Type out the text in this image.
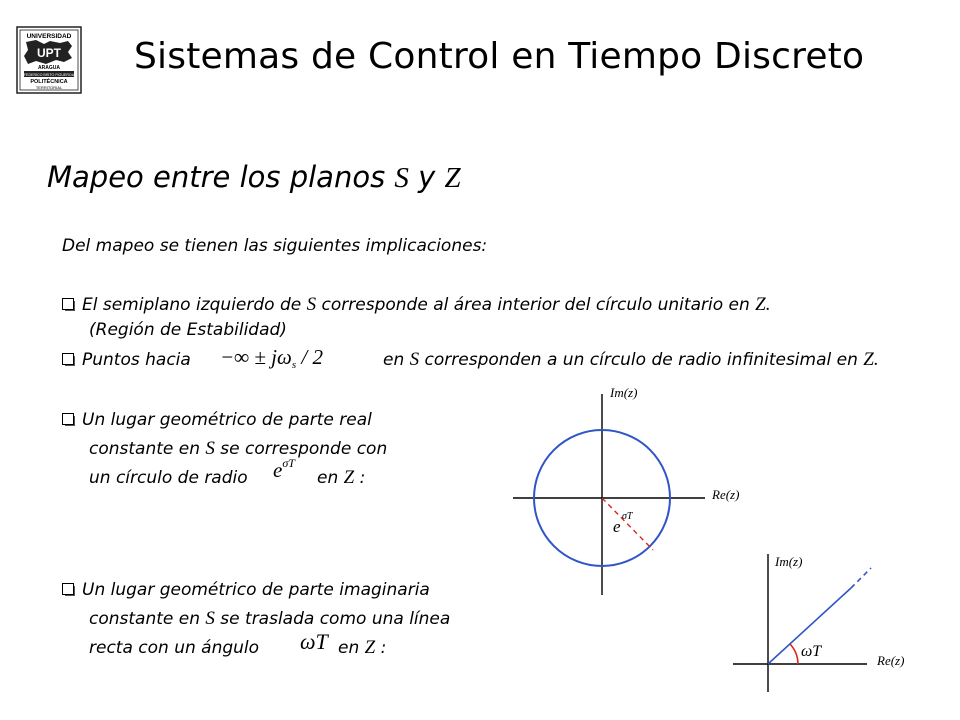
UNIVERSIDAD
UPT
ARAGUA
FEDERICO BRITO FIGUEROA
POLITÉCNICA
TERRITORIAL
Sistemas de Control en Tiempo Discreto
Mapeo entre los planos S y Z
Del mapeo se tienen las siguientes implicaciones:
El semiplano izquierdo de S corresponde al área interior del círculo unitario en Z.
(Región de Estabilidad)
Puntos hacia −∞ ± $j\omega_s / 2$	en S corresponden a un círculo de radio infinitesimal en Z.
Un lugar geométrico de parte real
constante en S se corresponde con
un círculo de radio $e^{\sigma T}$
en Z :
Un lugar geométrico de parte imaginaria
constante en S se traslada como una línea
recta con un ángulo ωT en Z :
Im(z)
Re(z)
e
σT
Im(z)
Re(z)
ωT
